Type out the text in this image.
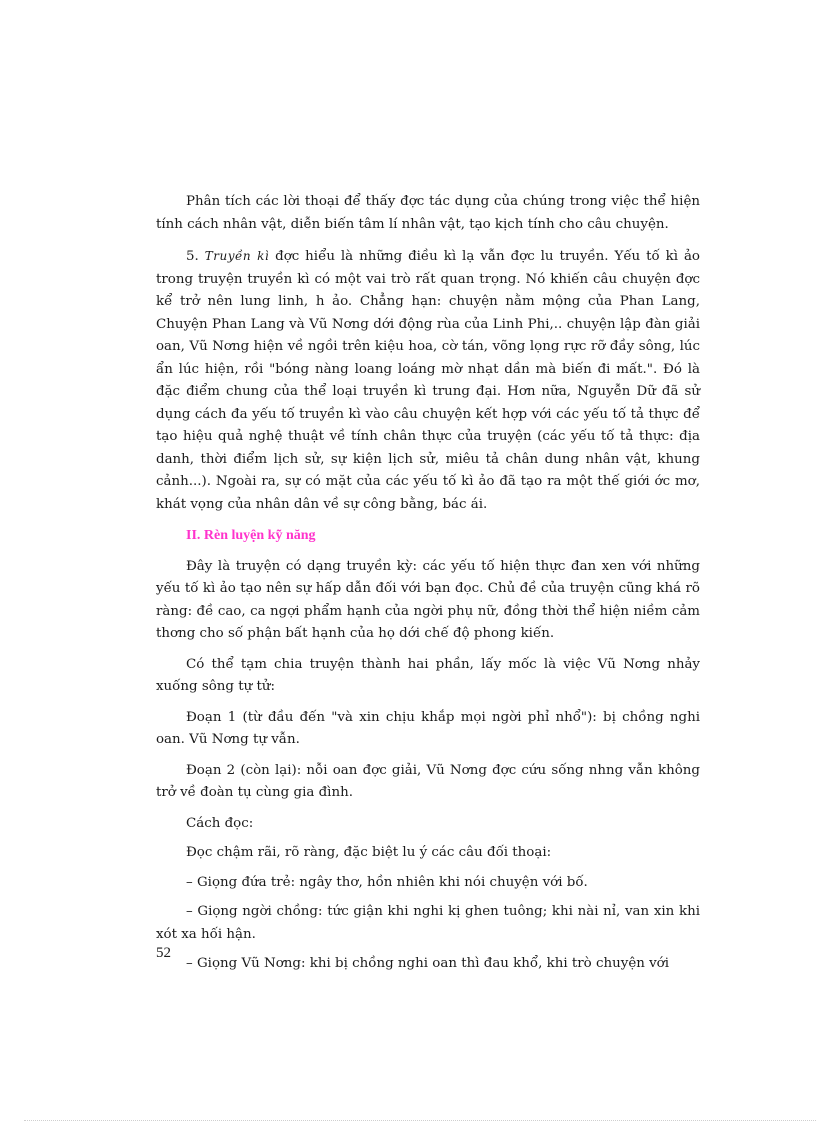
Phân tích các lời thoại để thấy đợc tác dụng của chúng trong việc thể hiện tính cách nhân vật, diễn biến tâm lí nhân vật, tạo kịch tính cho câu chuyện.

5. Truyền kì đợc hiểu là những điều kì lạ vẫn đợc lu truyền. Yếu tố kì ảo trong truyện truyền kì có một vai trò rất quan trọng. Nó khiến câu chuyện đợc kể trở nên lung linh, h ảo. Chẳng hạn: chuyện nằm mộng của Phan Lang, Chuyện Phan Lang và Vũ Nơng dới động rùa của Linh Phi,.. chuyện lập đàn giải oan, Vũ Nơng hiện về ngồi trên kiệu hoa, cờ tán, võng lọng rực rỡ đầy sông, lúc ẩn lúc hiện, rồi "bóng nàng loang loáng mờ nhạt dần mà biến đi mất.". Đó là đặc điểm chung của thể loại truyền kì trung đại. Hơn nữa, Nguyễn Dữ đã sử dụng cách đa yếu tố truyền kì vào câu chuyện kết hợp với các yếu tố tả thực để tạo hiệu quả nghệ thuật về tính chân thực của truyện (các yếu tố tả thực: địa danh, thời điểm lịch sử, sự kiện lịch sử, miêu tả chân dung nhân vật, khung cảnh...). Ngoài ra, sự có mặt của các yếu tố kì ảo đã tạo ra một thế giới ớc mơ, khát vọng của nhân dân về sự công bằng, bác ái.

II. Rèn luyện kỹ năng

Đây là truyện có dạng truyền kỳ: các yếu tố hiện thực đan xen với những yếu tố kì ảo tạo nên sự hấp dẫn đối với bạn đọc. Chủ đề của truyện cũng khá rõ ràng: đề cao, ca ngợi phẩm hạnh của ngời phụ nữ, đồng thời thể hiện niềm cảm thơng cho số phận bất hạnh của họ dới chế độ phong kiến.

Có thể tạm chia truyện thành hai phần, lấy mốc là việc Vũ Nơng nhảy xuống sông tự tử:

Đoạn 1 (từ đầu đến "và xin chịu khắp mọi ngời phỉ nhổ"): bị chồng nghi oan. Vũ Nơng tự vẫn.

Đoạn 2 (còn lại): nỗi oan đợc giải, Vũ Nơng đợc cứu sống nhng vẫn không trở về đoàn tụ cùng gia đình.

Cách đọc:

Đọc chậm rãi, rõ ràng, đặc biệt lu ý các câu đối thoại:

– Giọng đứa trẻ: ngây thơ, hồn nhiên khi nói chuyện với bố.

– Giọng ngời chồng: tức giận khi nghi kị ghen tuông; khi nài nỉ, van xin khi xót xa hối hận.

– Giọng Vũ Nơng: khi bị chồng nghi oan thì đau khổ, khi trò chuyện với

52
